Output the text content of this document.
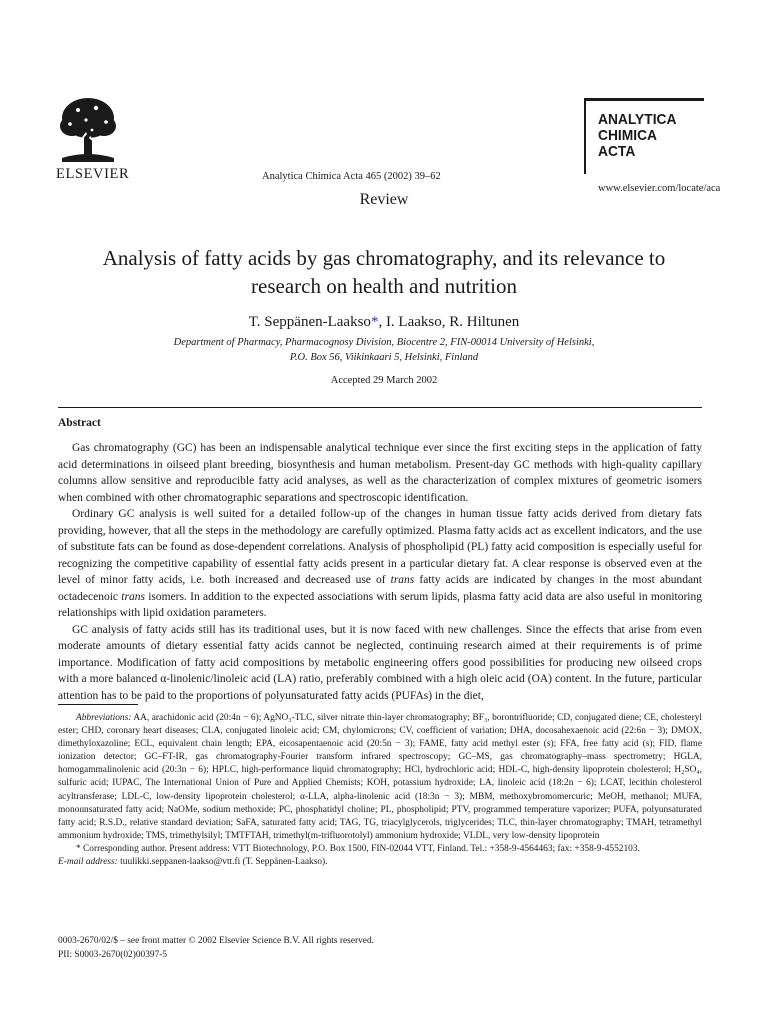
ELSEVIER	Analytica Chimica Acta 465 (2002) 39–62
ANALYTICA
CHIMICA
ACTA
www.elsevier.com/locate/aca
Review
Analysis of fatty acids by gas chromatography, and its relevance to research on health and nutrition
T. Seppänen-Laakso*, I. Laakso, R. Hiltunen
Department of Pharmacy, Pharmacognosy Division, Biocentre 2, FIN-00014 University of Helsinki,
P.O. Box 56, Viikinkaari 5, Helsinki, Finland
Accepted 29 March 2002
Abstract

Gas chromatography (GC) has been an indispensable analytical technique ever since the first exciting steps in the application of fatty acid determinations in oilseed plant breeding, biosynthesis and human metabolism. Present-day GC methods with high-quality capillary columns allow sensitive and reproducible fatty acid analyses, as well as the characterization of complex mixtures of geometric isomers when combined with other chromatographic separations and spectroscopic identification.

Ordinary GC analysis is well suited for a detailed follow-up of the changes in human tissue fatty acids derived from dietary fats providing, however, that all the steps in the methodology are carefully optimized. Plasma fatty acids act as excellent indicators, and the use of substitute fats can be found as dose-dependent correlations. Analysis of phospholipid (PL) fatty acid composition is especially useful for recognizing the competitive capability of essential fatty acids present in a particular dietary fat. A clear response is observed even at the level of minor fatty acids, i.e. both increased and decreased use of trans fatty acids are indicated by changes in the most abundant octadecenoic trans isomers. In addition to the expected associations with serum lipids, plasma fatty acid data are also useful in monitoring relationships with lipid oxidation parameters.

GC analysis of fatty acids still has its traditional uses, but it is now faced with new challenges. Since the effects that arise from even moderate amounts of dietary essential fatty acids cannot be neglected, continuing research aimed at their requirements is of prime importance. Modification of fatty acid compositions by metabolic engineering offers good possibilities for producing new oilseed crops with a more balanced α-linolenic/linoleic acid (LA) ratio, preferably combined with a high oleic acid (OA) content. In the future, particular attention has to be paid to the proportions of polyunsaturated fatty acids (PUFAs) in the diet,

Abbreviations: AA, arachidonic acid (20:4n − 6); AgNO₃-TLC, silver nitrate thin-layer chromatography; BF₃, borontrifluoride; CD, conjugated diene; CE, cholesteryl ester; CHD, coronary heart diseases; CLA, conjugated linoleic acid; CM, chylomicrons; CV, coefficient of variation; DHA, docosahexaenoic acid (22:6n − 3); DMOX, dimethyloxazoline; ECL, equivalent chain length; EPA, eicosapentaenoic acid (20:5n − 3); FAME, fatty acid methyl ester (s); FFA, free fatty acid (s); FID, flame ionization detector; GC–FT-IR, gas chromatography-Fourier transform infrared spectroscopy; GC–MS, gas chromatography–mass spectrometry; HGLA, homogammalinolenic acid (20:3n − 6); HPLC, high-performance liquid chromatography; HCl, hydrochloric acid; HDL-C, high-density lipoprotein cholesterol; H₂SO₄, sulfuric acid; IUPAC, The International Union of Pure and Applied Chemists; KOH, potassium hydroxide; LA, linoleic acid (18:2n − 6); LCAT, lecithin cholesterol acyltransferase; LDL-C, low-density lipoprotein cholesterol; α-LLA, alpha-linolenic acid (18:3n − 3); MBM, methoxybromomercuric; MeOH, methanol; MUFA, monounsaturated fatty acid; NaOMe, sodium methoxide; PC, phosphatidyl choline; PL, phospholipid; PTV, programmed temperature vaporizer; PUFA, polyunsaturated fatty acid; R.S.D., relative standard deviation; SaFA, saturated fatty acid; TAG, TG, triacylglycerols, triglycerides; TLC, thin-layer chromatography; TMAH, tetramethyl ammonium hydroxide; TMS, trimethylsilyl; TMTFTAH, trimethyl(m-trifluorotolyl) ammonium hydroxide; VLDL, very low-density lipoprotein

* Corresponding author. Present address: VTT Biotechnology, P.O. Box 1500, FIN-02044 VTT, Finland. Tel.: +358-9-4564463; fax: +358-9-4552103.

E-mail address: tuulikki.seppanen-laakso@vtt.fi (T. Seppänen-Laakso).

0003-2670/02/$ – see front matter © 2002 Elsevier Science B.V. All rights reserved.
PII: S0003-2670(02)00397-5
